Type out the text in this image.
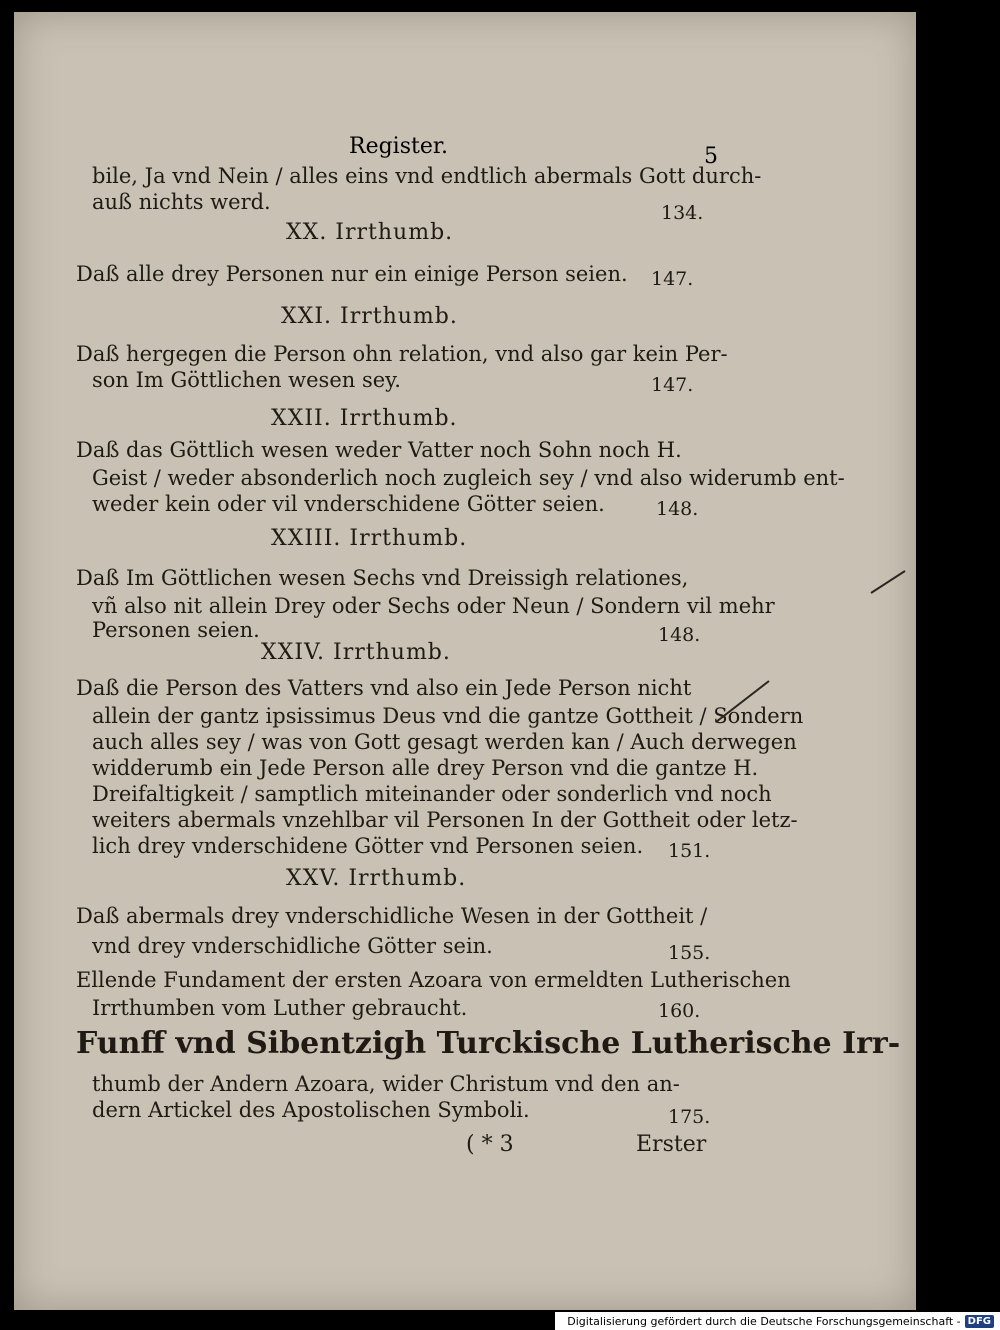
Register.	5
bile, Ja vnd Nein / alles eins vnd endtlich abermals Gott durch-
auß nichts werd.	134.
XX. Irrthumb.
Daß alle drey Personen nur ein einige Person seien. 147.
XXI. Irrthumb.
Daß hergegen die Person ohn relation, vnd also gar kein Per-
son Im Göttlichen wesen sey.	147.
XXII. Irrthumb.
Daß das Göttlich wesen weder Vatter noch Sohn noch H.
Geist / weder absonderlich noch zugleich sey / vnd also widerumb ent-
weder kein oder vil vnderschidene Götter seien.	148.
XXIII. Irrthumb.
Daß Im Göttlichen wesen Sechs vnd Dreissigh relationes,
vñ also nit allein Drey oder Sechs oder Neun / Sondern vil mehr
Personen seien.	148.
XXIV. Irrthumb.
Daß die Person des Vatters vnd also ein Jede Person nicht
allein der gantz ipsissimus Deus vnd die gantze Gottheit / Sondern
auch alles sey / was von Gott gesagt werden kan / Auch derwegen
widderumb ein Jede Person alle drey Person vnd die gantze H.
Dreifaltigkeit / samptlich miteinander oder sonderlich vnd noch
weiters abermals vnzehlbar vil Personen In der Gottheit oder letz-
lich drey vnderschidene Götter vnd Personen seien. 151.
XXV. Irrthumb.
Daß abermals drey vnderschidliche Wesen in der Gottheit /
vnd drey vnderschidliche Götter sein.	155.
Ellende Fundament der ersten Azoara von ermeldten Lutherischen
Irrthumben vom Luther gebraucht.	160.
Funff vnd Sibentzigh Turckische Lutherische Irr-
thumb der Andern Azoara, wider Christum vnd den an-
dern Artickel des Apostolischen Symboli.	175.
( * 3	Erster
Digitalisierung gefördert durch die Deutsche Forschungsgemeinschaft - DFG
